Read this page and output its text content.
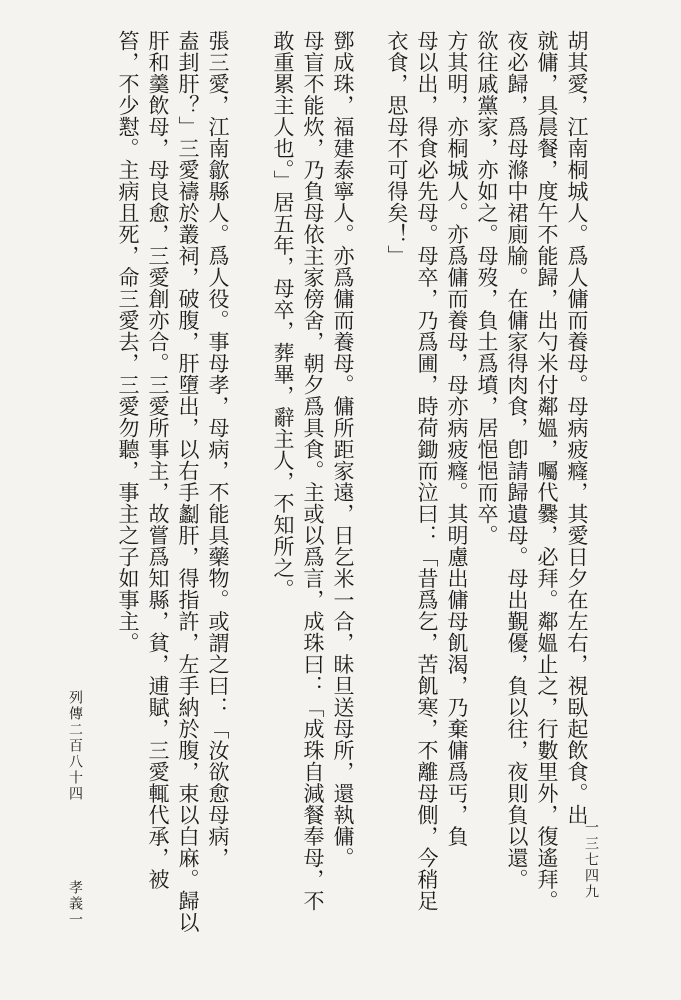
胡其愛，江南桐城人。爲人傭而養母。母病疲癃，其愛日夕在左右，視臥起飲食。出
就傭，具晨餐，度午不能歸，出勺米付鄰媼，囑代爨，必拜。鄰媼止之，行數里外，復遙拜。
夜必歸，爲母滌中裙廁牏。在傭家得肉食，卽請歸遺母。母出覲優，負以往，夜則負以還。
欲往戚黨家，亦如之。母歿，負土爲墳，居悒悒而卒。
方其明，亦桐城人。亦爲傭而養母，母亦病疲癃。其明慮出傭母飢渴，乃棄傭爲丐，負
母以出，得食必先母。母卒，乃爲圃，時荷鋤而泣曰：「昔爲乞，苦飢寒，不離母側，今稍足
衣食，思母不可得矣！」
鄧成珠，福建泰寧人。亦爲傭而養母。傭所距家遠，日乞米一合，昧旦送母所，還執傭。
母盲不能炊，乃負母依主家傍舍，朝夕爲具食。主或以爲言，成珠曰：「成珠自減餐奉母，不
敢重累主人也。」居五年，母卒，葬畢，辭主人，不知所之。
張三愛，江南歙縣人。爲人役。事母孝，母病，不能具藥物。或謂之曰：「汝欲愈母病，
盍刲肝？」三愛禱於叢祠，破腹，肝墮出，以右手劙肝，得指許，左手納於腹，束以白麻。歸以
肝和羹飲母，母良愈，三愛創亦合。三愛所事主，故嘗爲知縣，貧，逋賦，三愛輒代承，被
笞，不少懟。主病且死，命三愛去，三愛勿聽，事主之子如事主。
列傳二百八十四
孝義一
一三七四九
